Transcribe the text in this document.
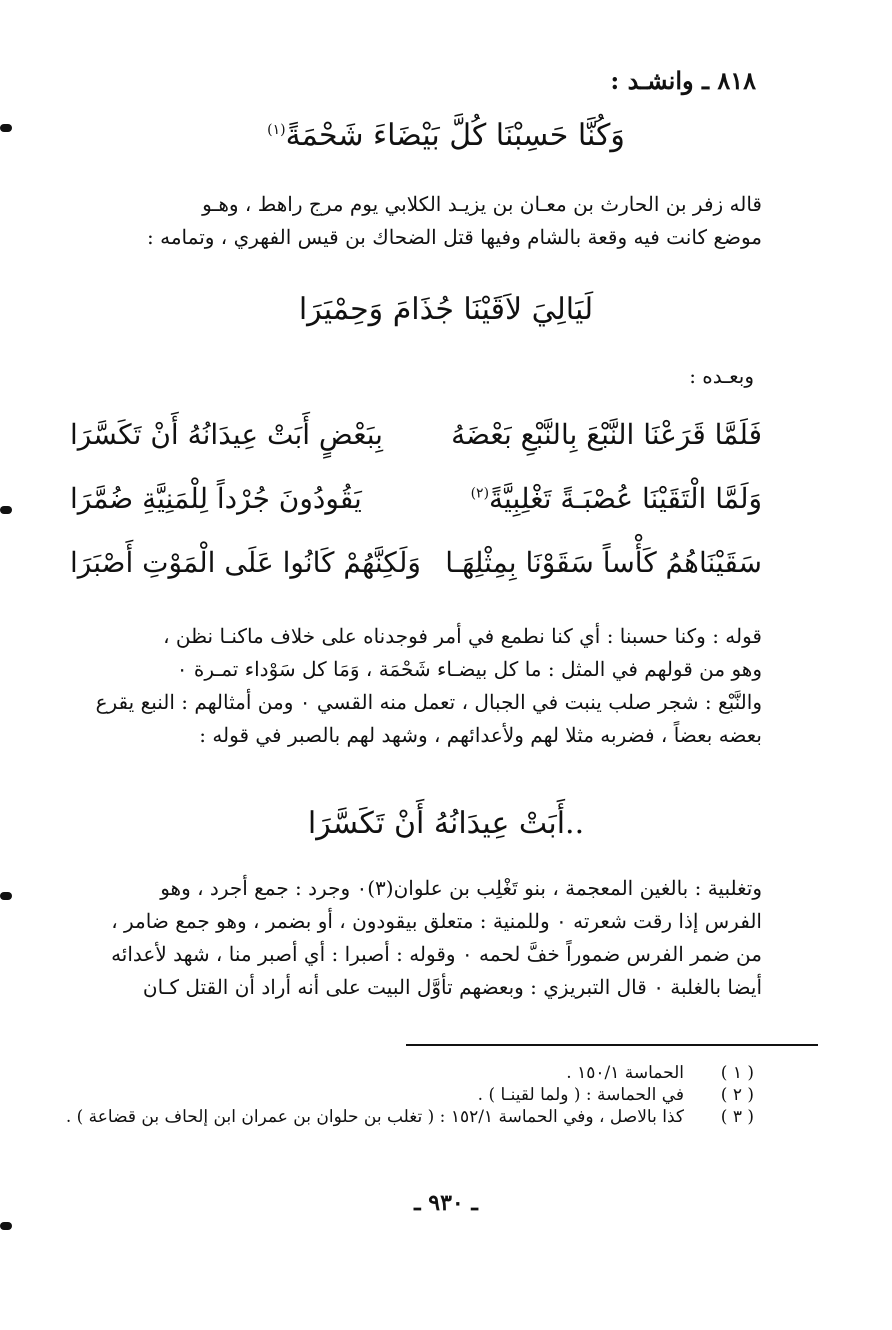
٨١٨ ـ وانشـد :
وَكُنَّا حَسِبْنَا كُلَّ بَيْضَاءَ شَحْمَةً$^{(١)}$

قاله زفر بن الحارث بن معـان بن يزيـد الكلابي يوم مرج راهط ، وهـو

موضع كانت فيه وقعة بالشام وفيها قتل الضحاك بن قيس الفهري ، وتمامه :

لَيَالِيَ لاَقَيْنَا جُذَامَ وَحِمْيَرَا
وبعـده :
فَلَمَّا قَرَعْنَا النَّبْعَ بِالنَّبْعِ بَعْضَهُ
بِبَعْضٍ أَبَتْ عِيدَانُهُ أَنْ تَكَسَّرَا
وَلَمَّا الْتَقَيْنَا عُصْبَـةً تَغْلِبِيَّةً$^{(٢)}$
يَقُودُونَ جُرْداً لِلْمَنِيَّةِ ضُمَّرَا
سَقَيْنَاهُمُ كَأْساً سَقَوْنَا بِمِثْلِهَـا
وَلَكِنَّهُمْ كَانُوا عَلَى الْمَوْتِ أَصْبَرَا

قوله : وكنا حسبنا : أي كنا نطمع في أمر فوجدناه على خلاف ماكنـا نظن ،

وهو من قولهم في المثل : ما كل بيضـاء شَحْمَة ، وَمَا كل سَوْداء تمـرة ٠

والنَّبْع : شجر صلب ينبت في الجبال ، تعمل منه القسي ٠ ومن أمثالهم : النبع يقرع

بعضه بعضاً ، فضربه مثلا لهم ولأعدائهم ، وشهد لهم بالصبر في قوله :

..أَبَتْ عِيدَانُهُ أَنْ تَكَسَّرَا

وتغلبية : بالغين المعجمة ، بنو تَغْلِب بن علوان(٣)٠ وجرد : جمع أجرد ، وهو

الفرس إذا رقت شعرته ٠ وللمنية : متعلق بيقودون ، أو بضمر ، وهو جمع ضامر ،

من ضمر الفرس ضموراً خفَّ لحمه ٠ وقوله : أصبرا : أي أصبر منا ، شهد لأعدائه

أيضا بالغلبة ٠ قال التبريزي : وبعضهم تأوَّل البيت على أنه أراد أن القتل كـان

( ١ )
الحماسة ١٥٠/١ .
( ٢ )
في الحماسة : ( ولما لقينـا ) .
( ٣ )
كذا بالاصل ، وفي الحماسة ١٥٢/١ : ( تغلب بن حلوان بن عمران ابن إلحاف بن قضاعة ) .
ـ ٩٣٠ ـ
